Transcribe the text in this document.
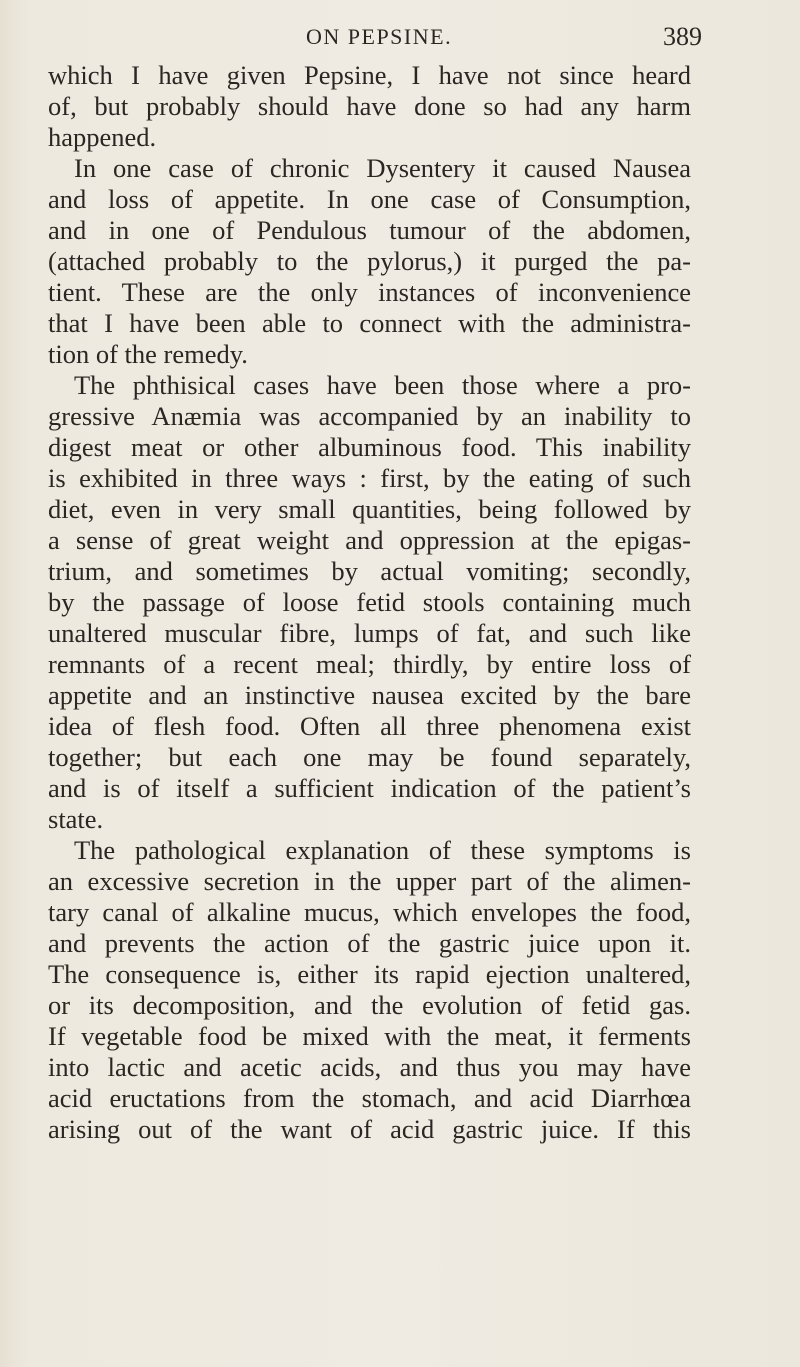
ON PEPSINE.	389
which I have given Pepsine, I have not since heard
of, but probably should have done so had any harm
happened.
In one case of chronic Dysentery it caused Nausea
and loss of appetite. In one case of Consumption,
and in one of Pendulous tumour of the abdomen,
(attached probably to the pylorus,) it purged the pa-
tient. These are the only instances of inconvenience
that I have been able to connect with the administra-
tion of the remedy.
The phthisical cases have been those where a pro-
gressive Anæmia was accompanied by an inability to
digest meat or other albuminous food. This inability
is exhibited in three ways : first, by the eating of such
diet, even in very small quantities, being followed by
a sense of great weight and oppression at the epigas-
trium, and sometimes by actual vomiting; secondly,
by the passage of loose fetid stools containing much
unaltered muscular fibre, lumps of fat, and such like
remnants of a recent meal; thirdly, by entire loss of
appetite and an instinctive nausea excited by the bare
idea of flesh food. Often all three phenomena exist
together; but each one may be found separately,
and is of itself a sufficient indication of the patient’s
state.
The pathological explanation of these symptoms is
an excessive secretion in the upper part of the alimen-
tary canal of alkaline mucus, which envelopes the food,
and prevents the action of the gastric juice upon it.
The consequence is, either its rapid ejection unaltered,
or its decomposition, and the evolution of fetid gas.
If vegetable food be mixed with the meat, it ferments
into lactic and acetic acids, and thus you may have
acid eructations from the stomach, and acid Diarrhœa
arising out of the want of acid gastric juice. If this
